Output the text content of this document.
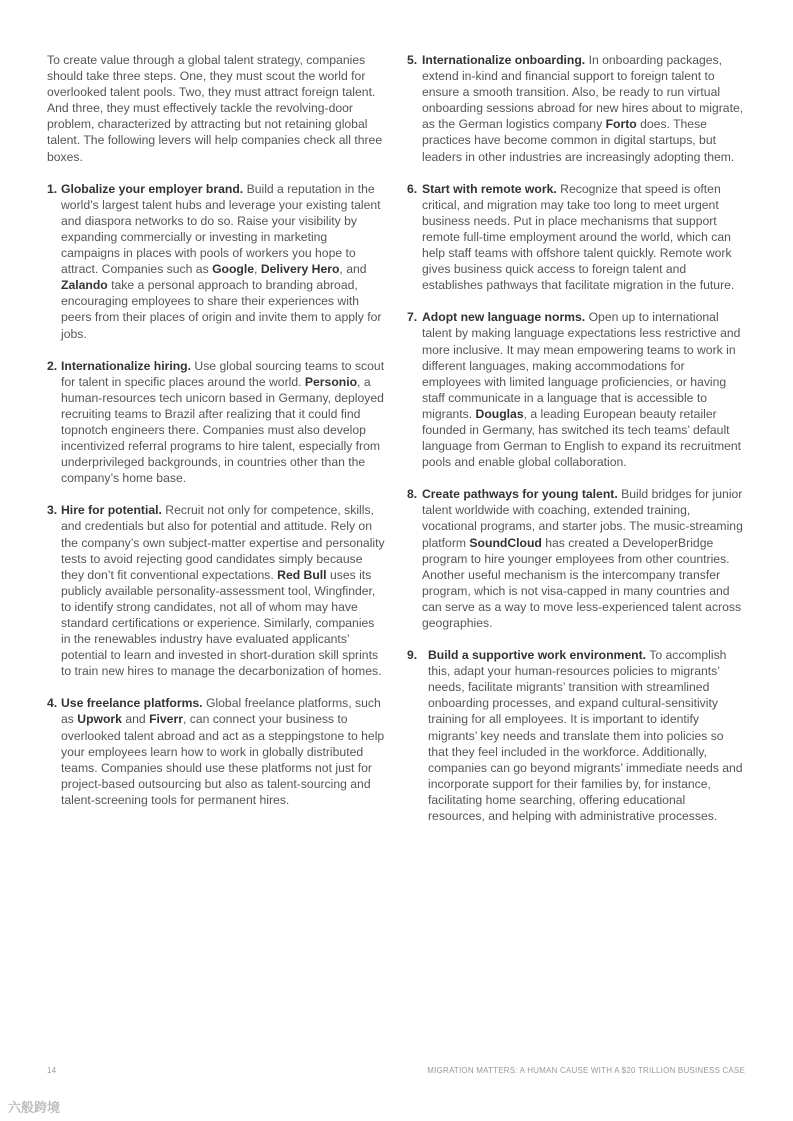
To create value through a global talent strategy, companies should take three steps. One, they must scout the world for overlooked talent pools. Two, they must attract foreign talent. And three, they must effectively tackle the revolving-door problem, characterized by attracting but not retaining global talent. The following levers will help companies check all three boxes.

1. Globalize your employer brand. Build a reputation in the world’s largest talent hubs and leverage your existing talent and diaspora networks to do so. Raise your visibility by expanding commercially or investing in marketing campaigns in places with pools of workers you hope to attract. Companies such as Google, Delivery Hero, and Zalando take a personal approach to branding abroad, encouraging employees to share their experiences with peers from their places of origin and invite them to apply for jobs.

2. Internationalize hiring. Use global sourcing teams to scout for talent in specific places around the world. Personio, a human-resources tech unicorn based in Germany, deployed recruiting teams to Brazil after realizing that it could find topnotch engineers there. Companies must also develop incentivized referral programs to hire talent, especially from underprivileged backgrounds, in countries other than the company’s home base.

3. Hire for potential. Recruit not only for competence, skills, and credentials but also for potential and attitude. Rely on the company’s own subject-matter expertise and personality tests to avoid rejecting good candidates simply because they don’t fit conventional expectations. Red Bull uses its publicly available personality-assessment tool, Wingfinder, to identify strong candidates, not all of whom may have standard certifications or experience. Similarly, companies in the renewables industry have evaluated applicants’ potential to learn and invested in short-duration skill sprints to train new hires to manage the decarbonization of homes.

4. Use freelance platforms. Global freelance platforms, such as Upwork and Fiverr, can connect your business to overlooked talent abroad and act as a steppingstone to help your employees learn how to work in globally distributed teams. Companies should use these platforms not just for project-based outsourcing but also as talent-sourcing and talent-screening tools for permanent hires.

5. Internationalize onboarding. In onboarding packages, extend in-kind and financial support to foreign talent to ensure a smooth transition. Also, be ready to run virtual onboarding sessions abroad for new hires about to migrate, as the German logistics company Forto does. These practices have become common in digital startups, but leaders in other industries are increasingly adopting them.

6. Start with remote work. Recognize that speed is often critical, and migration may take too long to meet urgent business needs. Put in place mechanisms that support remote full-time employment around the world, which can help staff teams with offshore talent quickly. Remote work gives business quick access to foreign talent and establishes pathways that facilitate migration in the future.

7. Adopt new language norms. Open up to international talent by making language expectations less restrictive and more inclusive. It may mean empowering teams to work in different languages, making accommodations for employees with limited language proficiencies, or having staff communicate in a language that is accessible to migrants. Douglas, a leading European beauty retailer founded in Germany, has switched its tech teams’ default language from German to English to expand its recruitment pools and enable global collaboration.

8. Create pathways for young talent. Build bridges for junior talent worldwide with coaching, extended training, vocational programs, and starter jobs. The music-streaming platform SoundCloud has created a DeveloperBridge program to hire younger employees from other countries. Another useful mechanism is the intercompany transfer program, which is not visa-capped in many countries and can serve as a way to move less-experienced talent across geographies.

9. Build a supportive work environment. To accomplish this, adapt your human-resources policies to migrants’ needs, facilitate migrants’ transition with streamlined onboarding processes, and expand cultural-sensitivity training for all employees. It is important to identify migrants’ key needs and translate them into policies so that they feel included in the workforce. Additionally, companies can go beyond migrants’ immediate needs and incorporate support for their families by, for instance, facilitating home searching, offering educational resources, and helping with administrative processes.

14	MIGRATION MATTERS: A HUMAN CAUSE WITH A $20 TRILLION BUSINESS CASE
六般跨境
